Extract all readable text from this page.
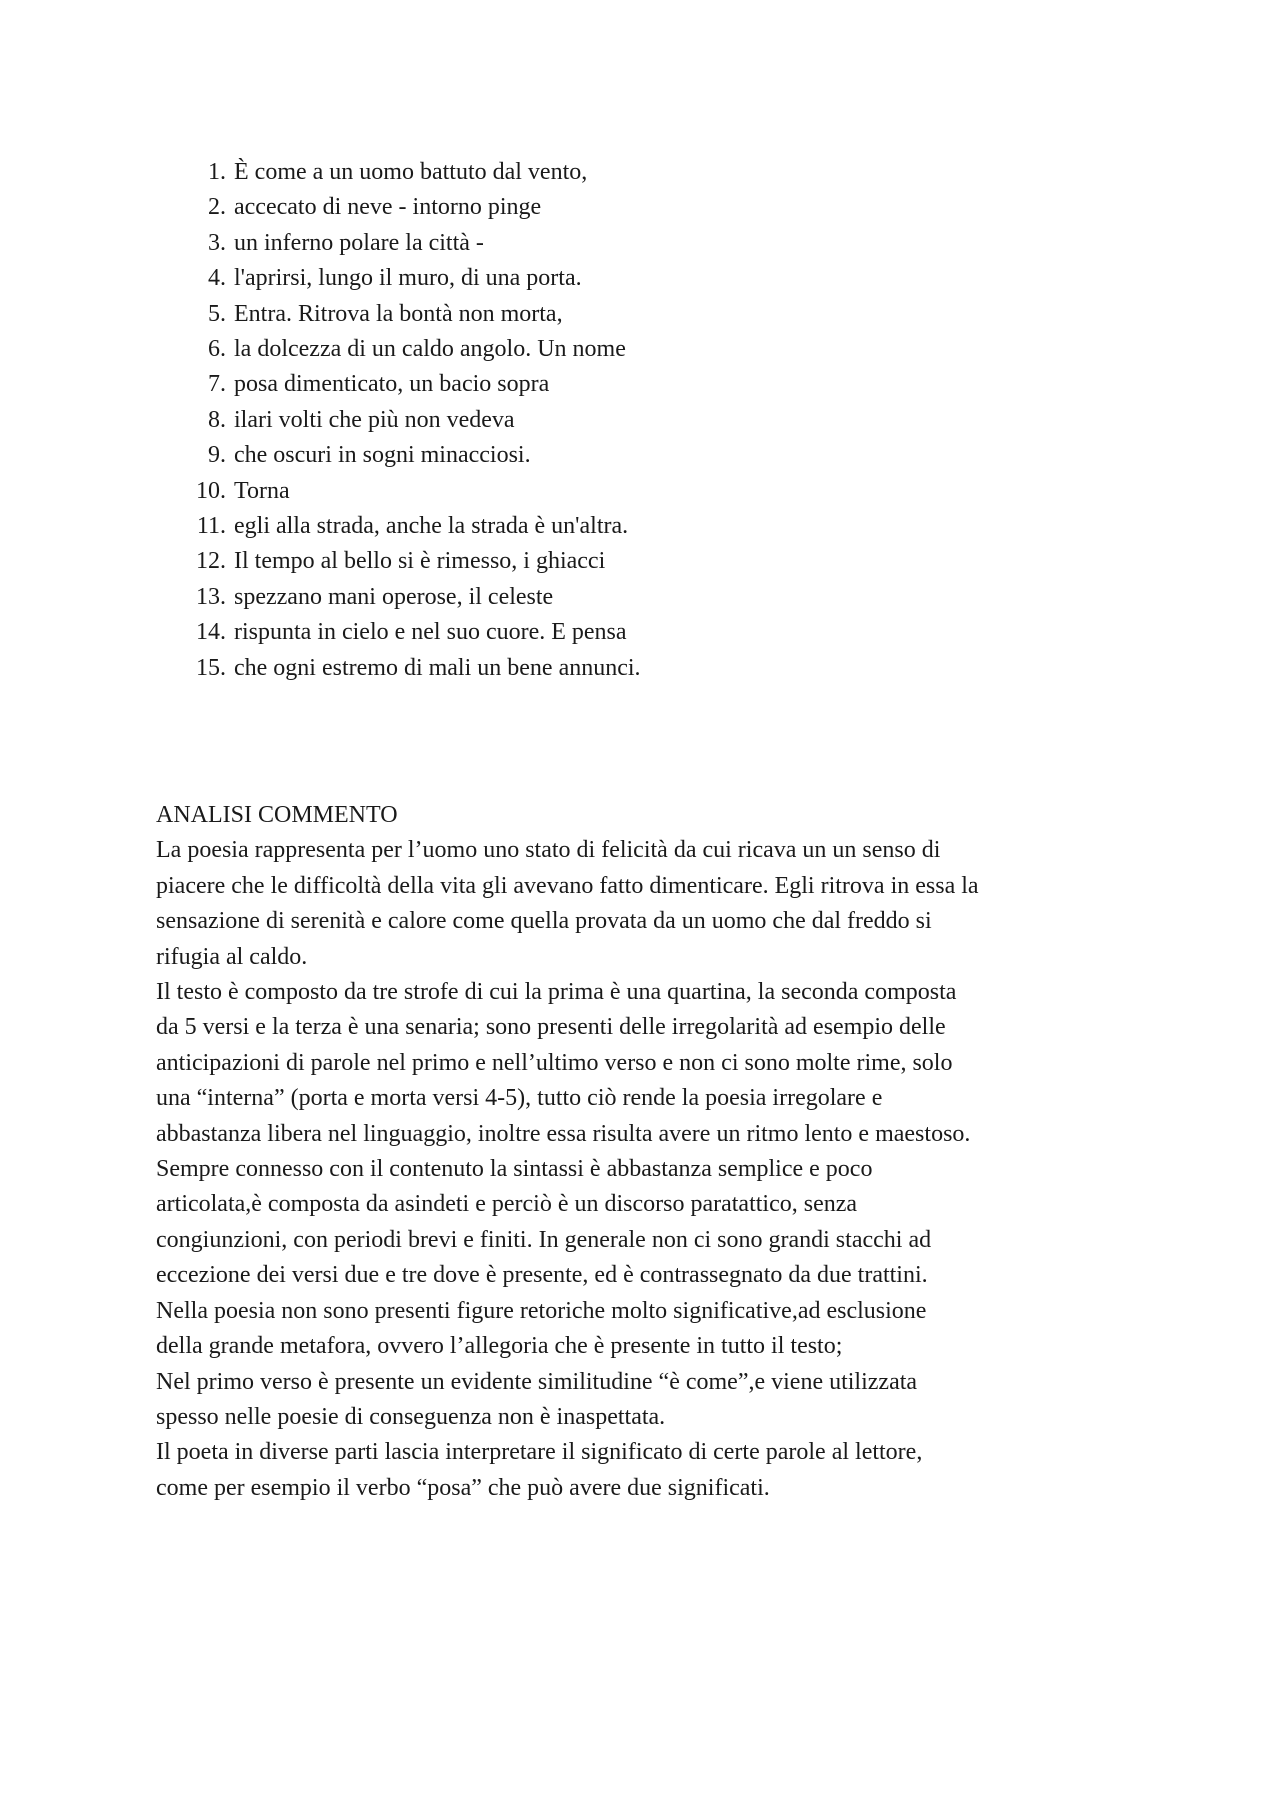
1. È come a un uomo battuto dal vento,
2. accecato di neve - intorno pinge
3. un inferno polare la città -
4. l'aprirsi, lungo il muro, di una porta.
5. Entra. Ritrova la bontà non morta,
6. la dolcezza di un caldo angolo. Un nome
7. posa dimenticato, un bacio sopra
8. ilari volti che più non vedeva
9. che oscuri in sogni minacciosi.
10. Torna
11. egli alla strada, anche la strada è un'altra.
12. Il tempo al bello si è rimesso, i ghiacci
13. spezzano mani operose, il celeste
14. rispunta in cielo e nel suo cuore. E pensa
15. che ogni estremo di mali un bene annunci.
ANALISI COMMENTO
La poesia rappresenta per l’uomo uno stato di felicità da cui ricava un un senso di
piacere che le difficoltà della vita gli avevano fatto dimenticare. Egli ritrova in essa la
sensazione di serenità e calore come quella provata da un uomo che dal freddo si
rifugia al caldo.
Il testo è composto da tre strofe di cui la prima è una quartina, la seconda composta
da 5 versi e la terza è una senaria; sono presenti delle irregolarità ad esempio delle
anticipazioni di parole nel primo e nell’ultimo verso e non ci sono molte rime, solo
una “interna” (porta e morta versi 4-5), tutto ciò rende la poesia irregolare e
abbastanza libera nel linguaggio, inoltre essa risulta avere un ritmo lento e maestoso.
Sempre connesso con il contenuto la sintassi è abbastanza semplice e poco
articolata,è composta da asindeti e perciò è un discorso paratattico, senza
congiunzioni, con periodi brevi e finiti. In generale non ci sono grandi stacchi ad
eccezione dei versi due e tre dove è presente, ed è contrassegnato da due trattini.
Nella poesia non sono presenti figure retoriche molto significative,ad esclusione
della grande metafora, ovvero l’allegoria che è presente in tutto il testo;
Nel primo verso è presente un evidente similitudine “è come”,e viene utilizzata
spesso nelle poesie di conseguenza non è inaspettata.
Il poeta in diverse parti lascia interpretare il significato di certe parole al lettore,
come per esempio il verbo “posa” che può avere due significati.
